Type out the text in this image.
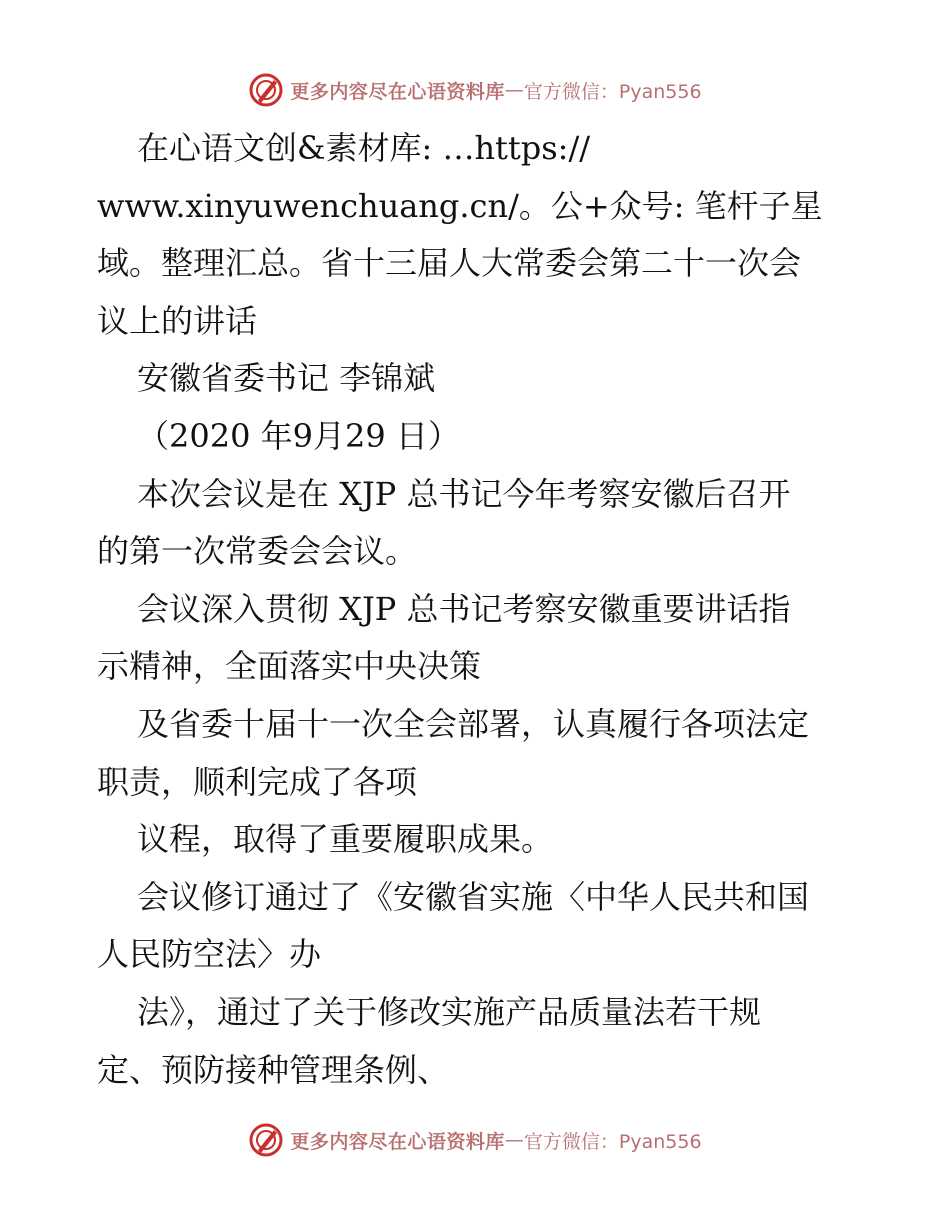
更多内容尽在心语资料库 — 官方微信：Pyan556
在心语文创&素材库: …https://
www.xinyuwenchuang.cn/。公+众号: 笔杆子星
域。整理汇总。省十三届人大常委会第二十一次会
议上的讲话
安徽省委书记 李锦斌
（2020 年9月29 日）
本次会议是在 XJP 总书记今年考察安徽后召开
的第一次常委会会议。
会议深入贯彻 XJP 总书记考察安徽重要讲话指
示精神，全面落实中央决策
及省委十届十一次全会部署，认真履行各项法定
职责，顺利完成了各项
议程，取得了重要履职成果。
会议修订通过了《安徽省实施〈中华人民共和国
人民防空法〉办
法》，通过了关于修改实施产品质量法若干规
定、预防接种管理条例、
更多内容尽在心语资料库 — 官方微信：Pyan556
